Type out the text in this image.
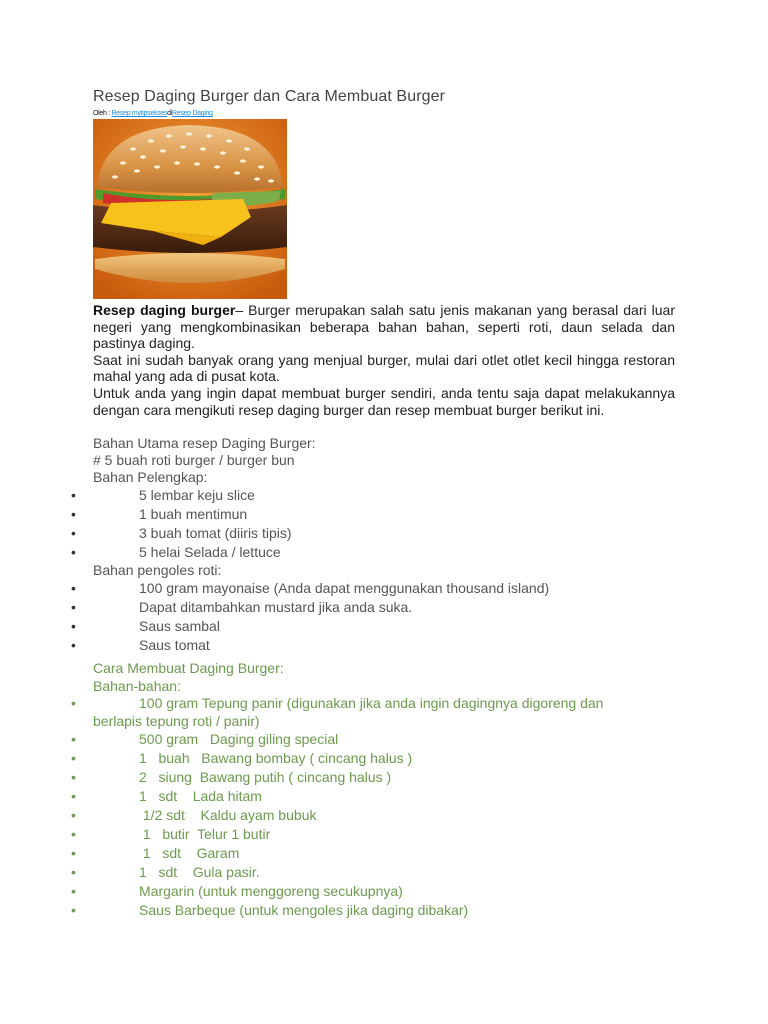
Resep Daging Burger dan Cara Membuat Burger
Oleh : Resep mytipseksesdiResep Daging

Resep daging burger– Burger merupakan salah satu jenis makanan yang berasal dari luar negeri yang mengkombinasikan beberapa bahan bahan, seperti roti, daun selada dan pastinya daging.

Saat ini sudah banyak orang yang menjual burger, mulai dari otlet otlet kecil hingga restoran mahal yang ada di pusat kota.

Untuk anda yang ingin dapat membuat burger sendiri, anda tentu saja dapat melakukannya dengan cara mengikuti resep daging burger dan resep membuat burger berikut ini.

Bahan Utama resep Daging Burger:
# 5 buah roti burger / burger bun
Bahan Pelengkap:
•	5 lembar keju slice
•	1 buah mentimun
•	3 buah tomat (diiris tipis)
•	5 helai Selada / lettuce
Bahan pengoles roti:
•	100 gram mayonaise (Anda dapat menggunakan thousand island)
•	Dapat ditambahkan mustard jika anda suka.
•	Saus sambal
•	Saus tomat
Cara Membuat Daging Burger:
Bahan-bahan:
•	100 gram Tepung panir (digunakan jika anda ingin dagingnya digoreng dan
berlapis tepung roti / panir)
•	500 gram   Daging giling special
•	1   buah   Bawang bombay ( cincang halus )
•	2   siung  Bawang putih ( cincang halus )
•	1   sdt    Lada hitam
•	1/2 sdt    Kaldu ayam bubuk
•	1   butir  Telur 1 butir
•	1   sdt    Garam
•	1   sdt    Gula pasir.
•	Margarin (untuk menggoreng secukupnya)
•	Saus Barbeque (untuk mengoles jika daging dibakar)
